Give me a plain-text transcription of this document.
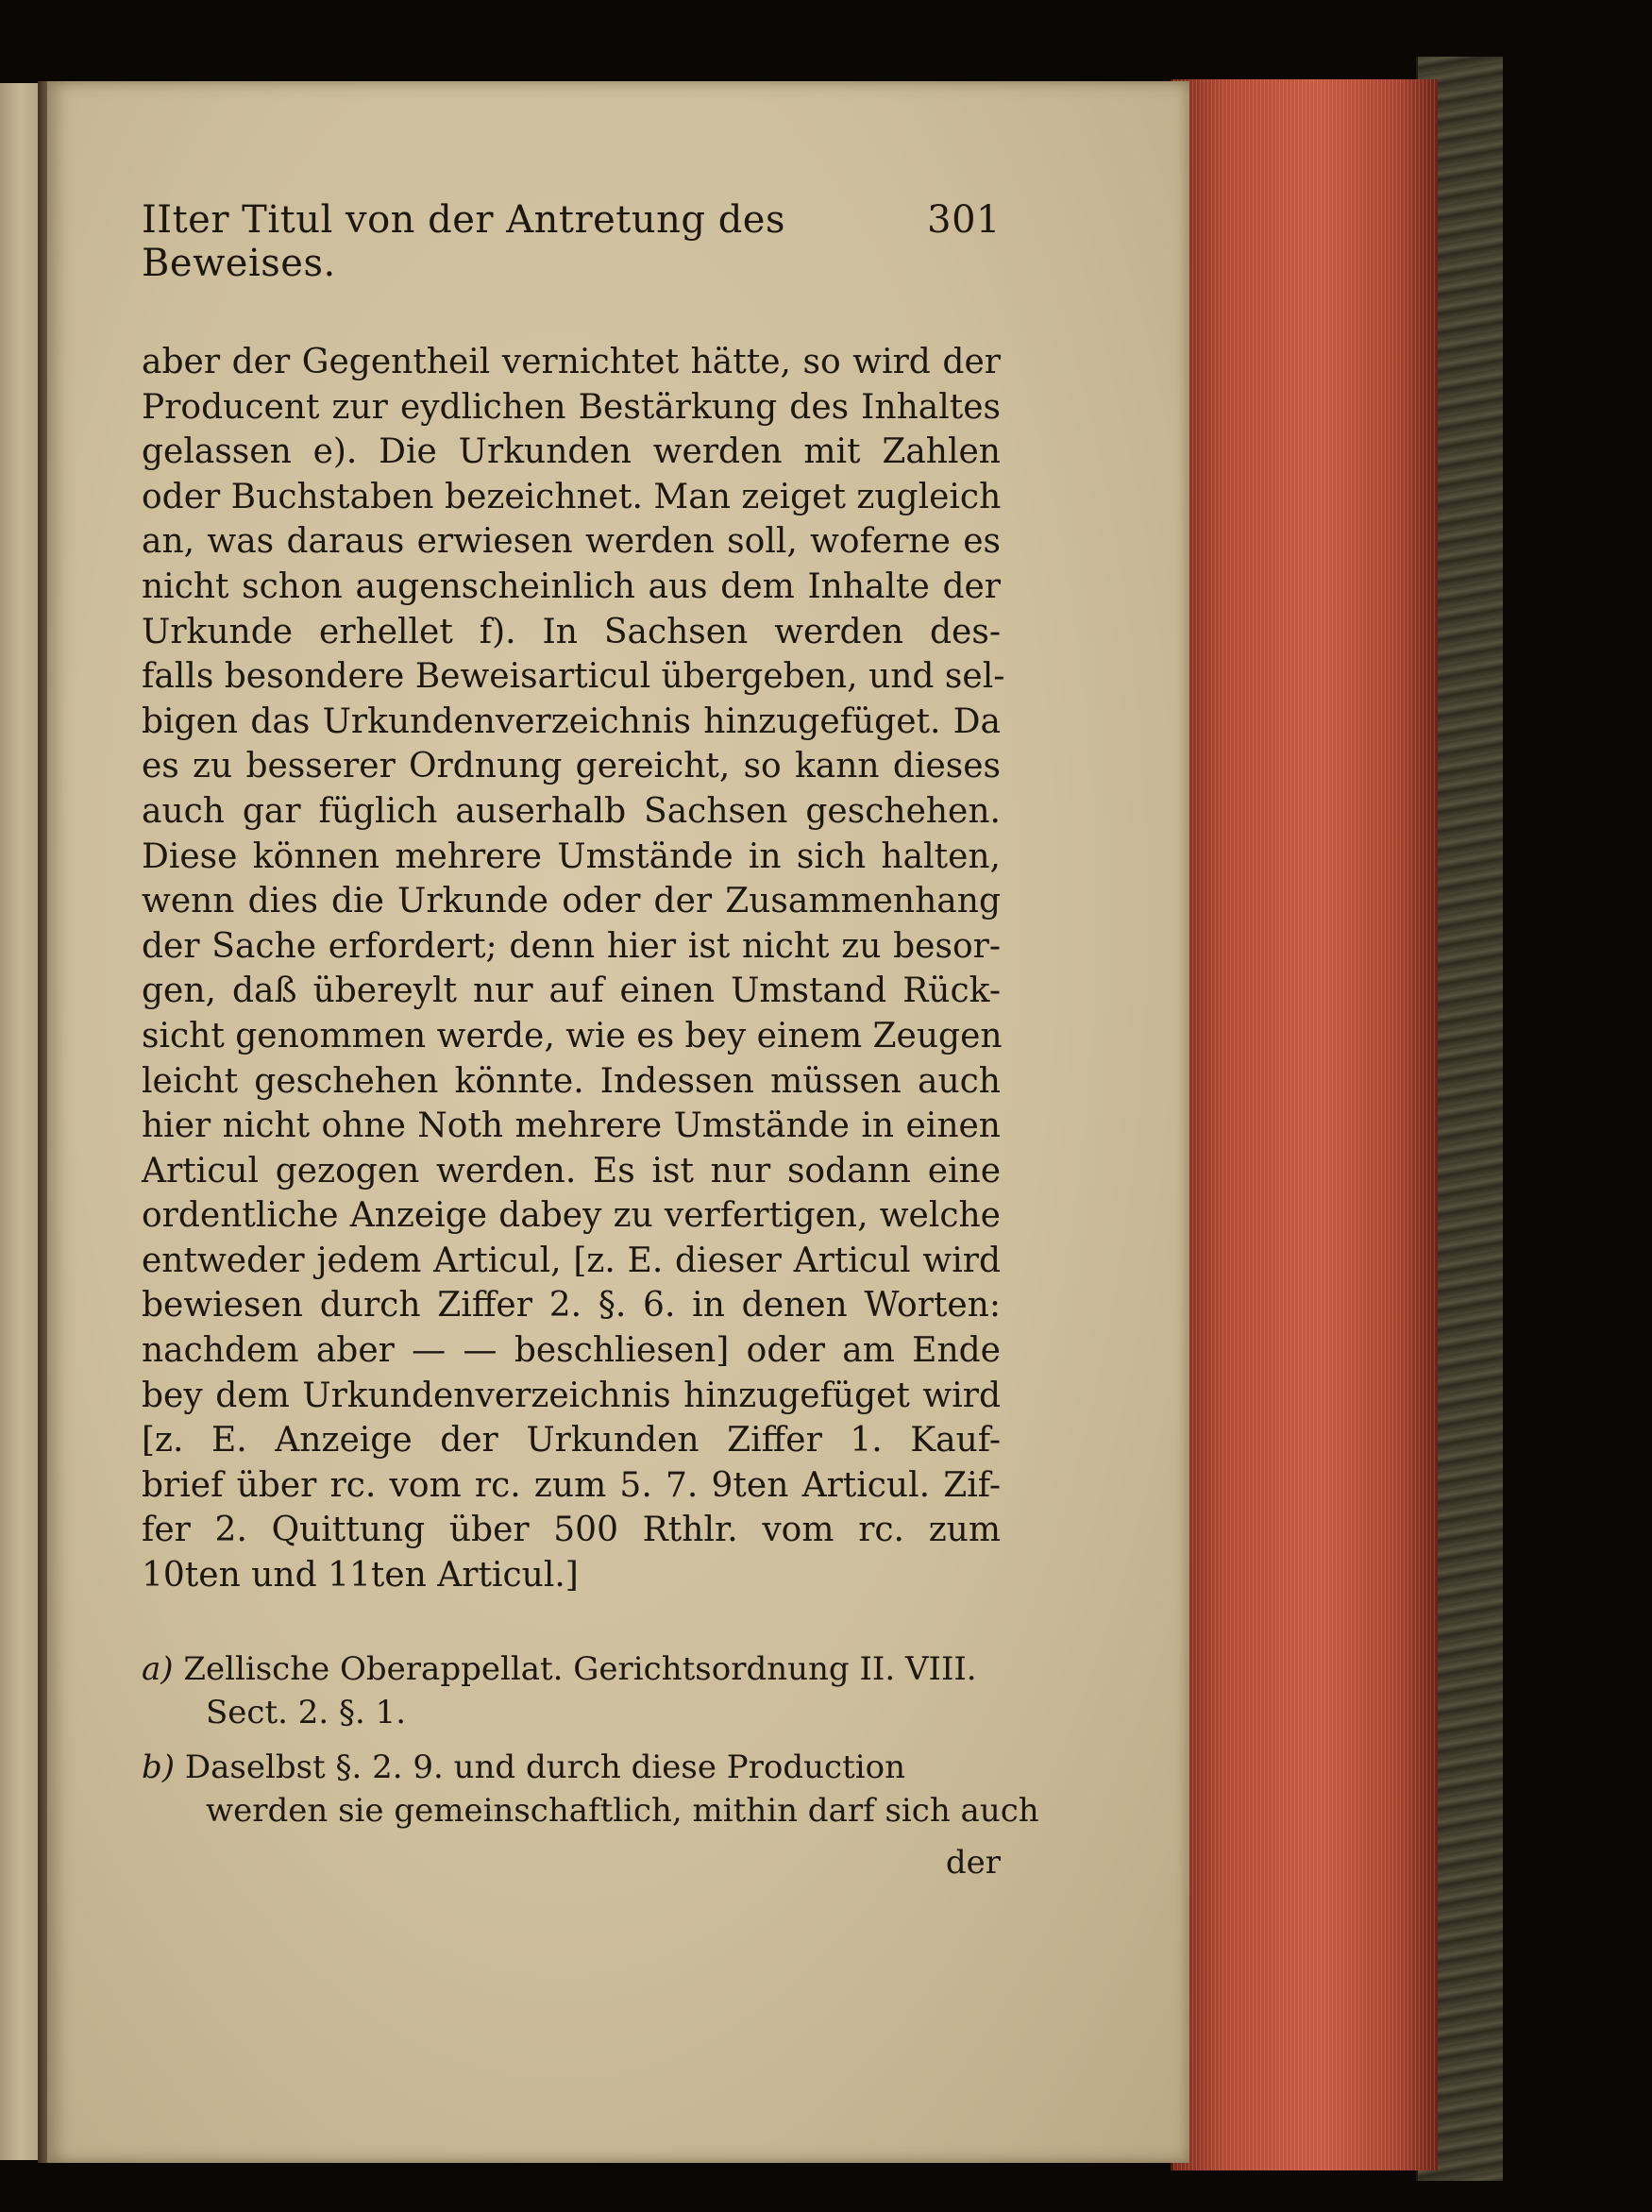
IIter Titul von der Antretung des Beweises.
301
aber der Gegentheil vernichtet hätte, so wird der
Producent zur eydlichen Bestärkung des Inhaltes
gelassen e). Die Urkunden werden mit Zahlen
oder Buchstaben bezeichnet. Man zeiget zugleich
an, was daraus erwiesen werden soll, woferne es
nicht schon augenscheinlich aus dem Inhalte der
Urkunde erhellet f). In Sachsen werden des-
falls besondere Beweisarticul übergeben, und sel-
bigen das Urkundenverzeichnis hinzugefüget. Da
es zu besserer Ordnung gereicht, so kann dieses
auch gar füglich auserhalb Sachsen geschehen.
Diese können mehrere Umstände in sich halten,
wenn dies die Urkunde oder der Zusammenhang
der Sache erfordert; denn hier ist nicht zu besor-
gen, daß übereylt nur auf einen Umstand Rück-
sicht genommen werde, wie es bey einem Zeugen
leicht geschehen könnte. Indessen müssen auch
hier nicht ohne Noth mehrere Umstände in einen
Articul gezogen werden. Es ist nur sodann eine
ordentliche Anzeige dabey zu verfertigen, welche
entweder jedem Articul, [z. E. dieser Articul wird
bewiesen durch Ziffer 2. §. 6. in denen Worten:
nachdem aber — — beschliesen] oder am Ende
bey dem Urkundenverzeichnis hinzugefüget wird
[z. E. Anzeige der Urkunden Ziffer 1. Kauf-
brief über rc. vom rc. zum 5. 7. 9ten Articul. Zif-
fer 2. Quittung über 500 Rthlr. vom rc. zum
10ten und 11ten Articul.]
a) Zellische Oberappellat. Gerichtsordnung II. VIII.
Sect. 2. §. 1.
b) Daselbst §. 2. 9. und durch diese Production
werden sie gemeinschaftlich, mithin darf sich auch
der
